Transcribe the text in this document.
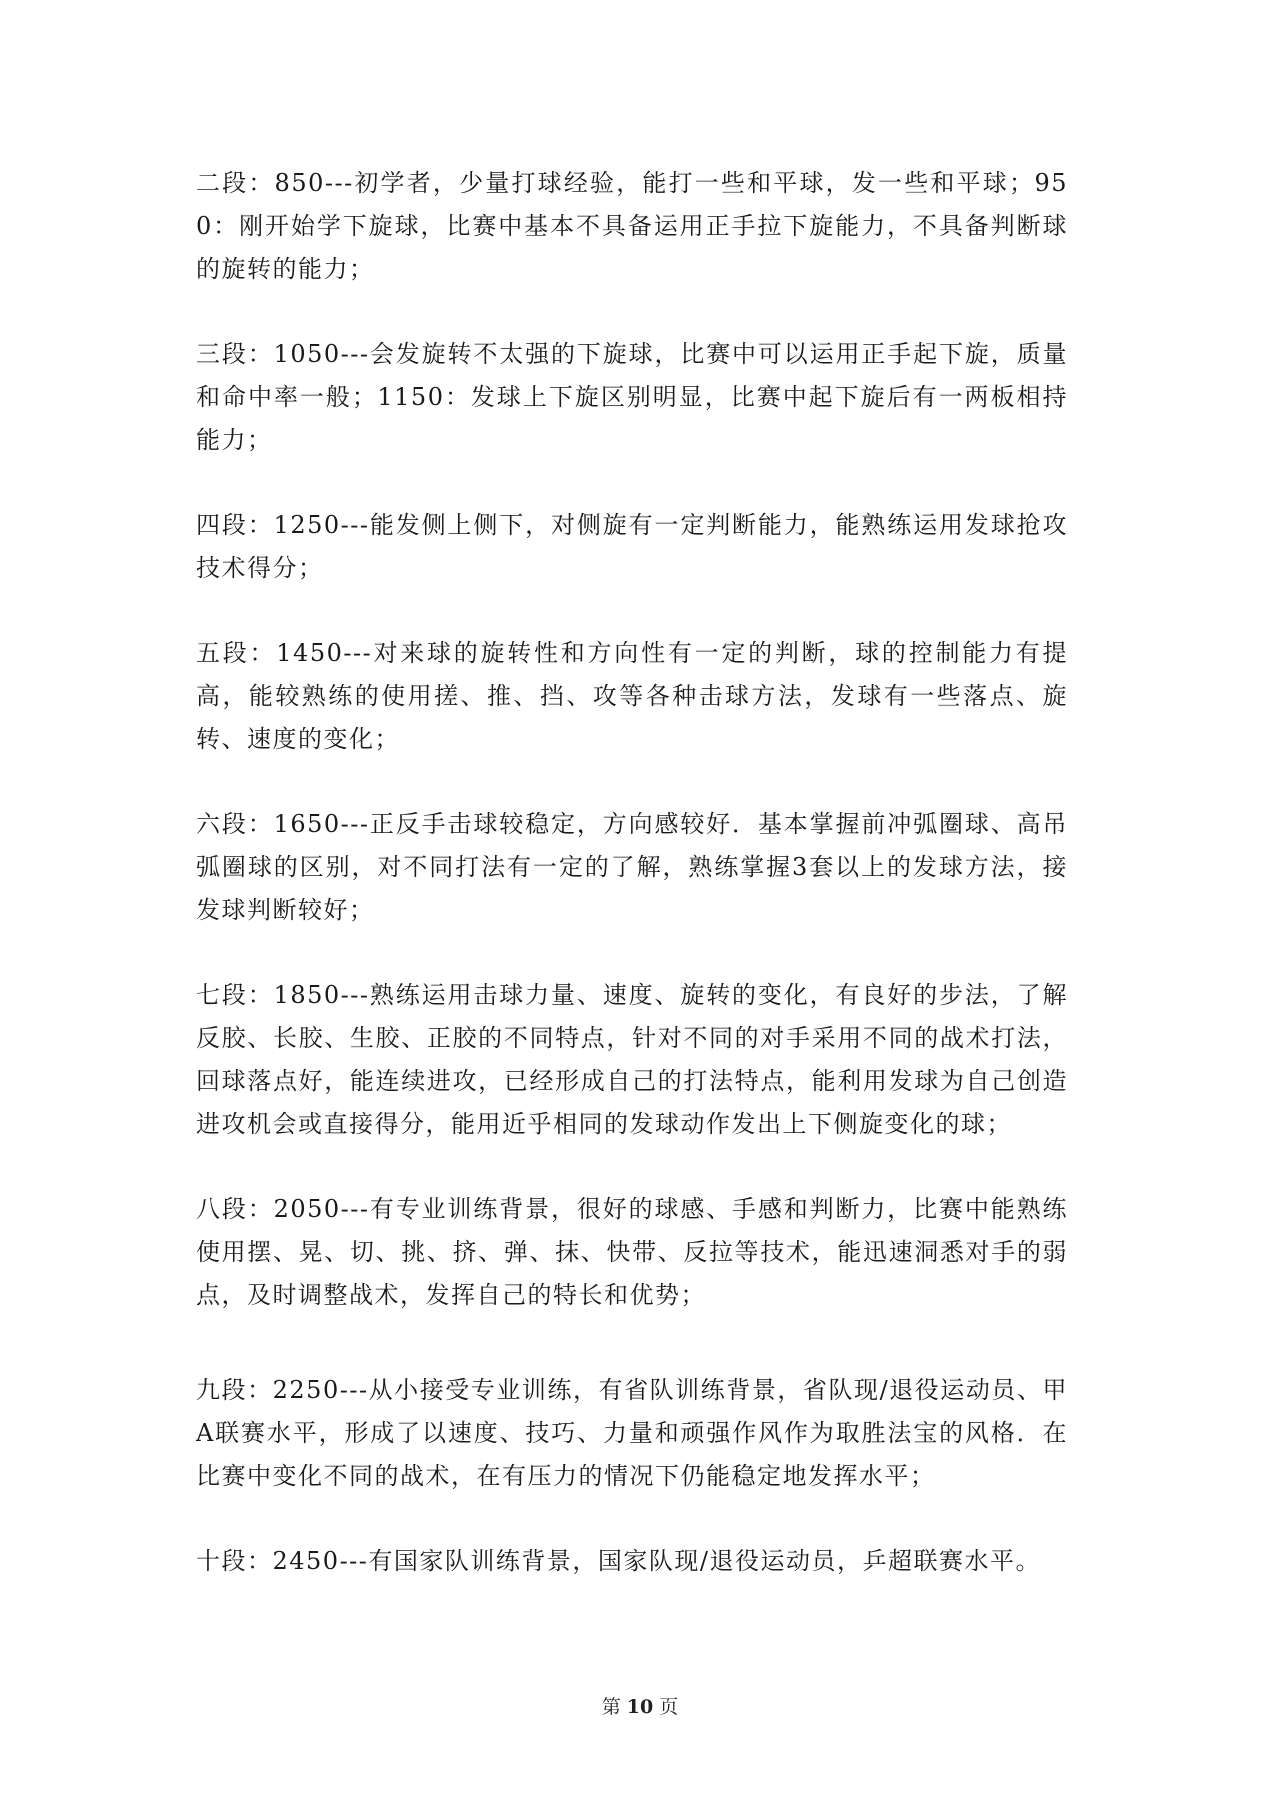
二段：850---初学者，少量打球经验，能打一些和平球，发一些和平球；950：刚开始学下旋球，比赛中基本不具备运用正手拉下旋能力，不具备判断球的旋转的能力；

三段：1050---会发旋转不太强的下旋球，比赛中可以运用正手起下旋，质量和命中率一般；1150：发球上下旋区别明显，比赛中起下旋后有一两板相持能力；

四段：1250---能发侧上侧下，对侧旋有一定判断能力，能熟练运用发球抢攻技术得分；

五段：1450---对来球的旋转性和方向性有一定的判断，球的控制能力有提高，能较熟练的使用搓、推、挡、攻等各种击球方法，发球有一些落点、旋转、速度的变化；

六段：1650---正反手击球较稳定，方向感较好．基本掌握前冲弧圈球、高吊弧圈球的区别，对不同打法有一定的了解，熟练掌握3套以上的发球方法，接发球判断较好；

七段：1850---熟练运用击球力量、速度、旋转的变化，有良好的步法，了解反胶、长胶、生胶、正胶的不同特点，针对不同的对手采用不同的战术打法，回球落点好，能连续进攻，已经形成自己的打法特点，能利用发球为自己创造进攻机会或直接得分，能用近乎相同的发球动作发出上下侧旋变化的球；

八段：2050---有专业训练背景，很好的球感、手感和判断力，比赛中能熟练使用摆、晃、切、挑、挤、弹、抹、快带、反拉等技术，能迅速洞悉对手的弱点，及时调整战术，发挥自己的特长和优势；

九段：2250---从小接受专业训练，有省队训练背景，省队现/退役运动员、甲A联赛水平，形成了以速度、技巧、力量和顽强作风作为取胜法宝的风格．在比赛中变化不同的战术，在有压力的情况下仍能稳定地发挥水平；

十段：2450---有国家队训练背景，国家队现/退役运动员，乒超联赛水平。

第 10 页
